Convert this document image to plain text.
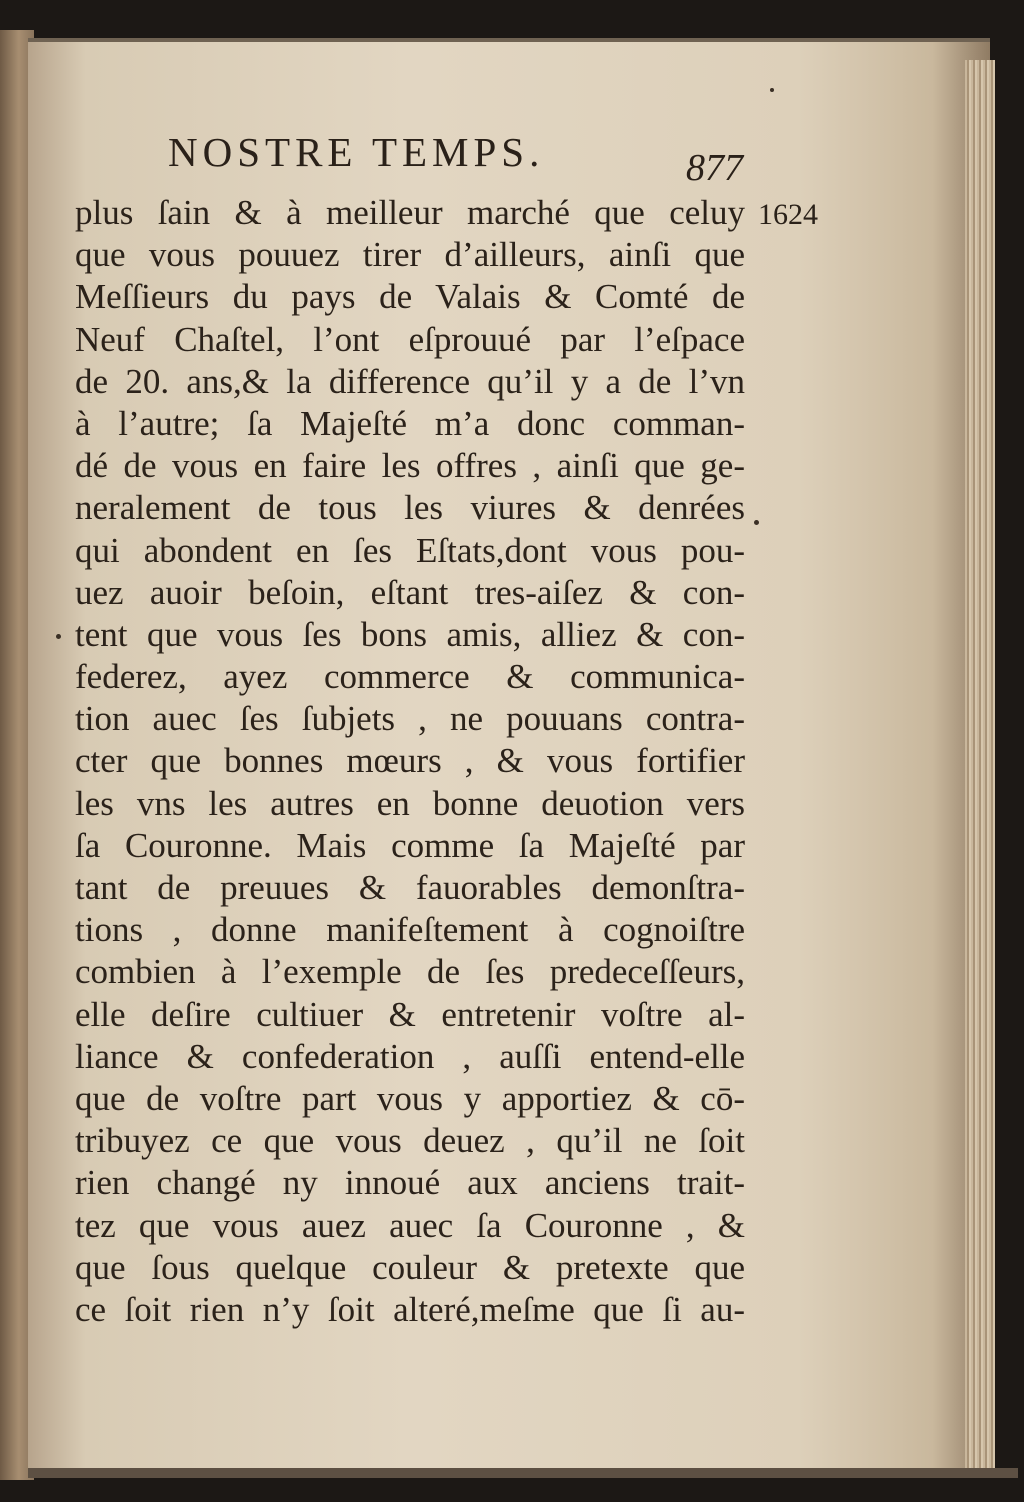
NOSTRE TEMPS.	877
1624
plus ſain & à meilleur marché que celuy
que vous pouuez tirer d’ailleurs, ainſi que
Meſſieurs du pays de Valais & Comté de
Neuf Chaſtel, l’ont eſprouué par l’eſpace
de 20. ans,& la difference qu’il y a de l’vn
à l’autre; ſa Majeſté m’a donc comman-
dé de vous en faire les offres , ainſi que ge-
neralement de tous les viures & denrées
qui abondent en ſes Eſtats,dont vous pou-
uez auoir beſoin, eſtant tres-aiſez & con-
tent que vous ſes bons amis, alliez & con-
federez, ayez commerce & communica-
tion auec ſes ſubjets , ne pouuans contra-
cter que bonnes mœurs , & vous fortifier
les vns les autres en bonne deuotion vers
ſa Couronne. Mais comme ſa Majeſté par
tant de preuues & fauorables demonſtra-
tions , donne manifeſtement à cognoiſtre
combien à l’exemple de ſes predeceſſeurs,
elle deſire cultiuer & entretenir voſtre al-
liance & confederation , auſſi entend-elle
que de voſtre part vous y apportiez & cō-
tribuyez ce que vous deuez , qu’il ne ſoit
rien changé ny innoué aux anciens trait-
tez que vous auez auec ſa Couronne , &
que ſous quelque couleur & pretexte que
ce ſoit rien n’y ſoit alteré,meſme que ſi au-
